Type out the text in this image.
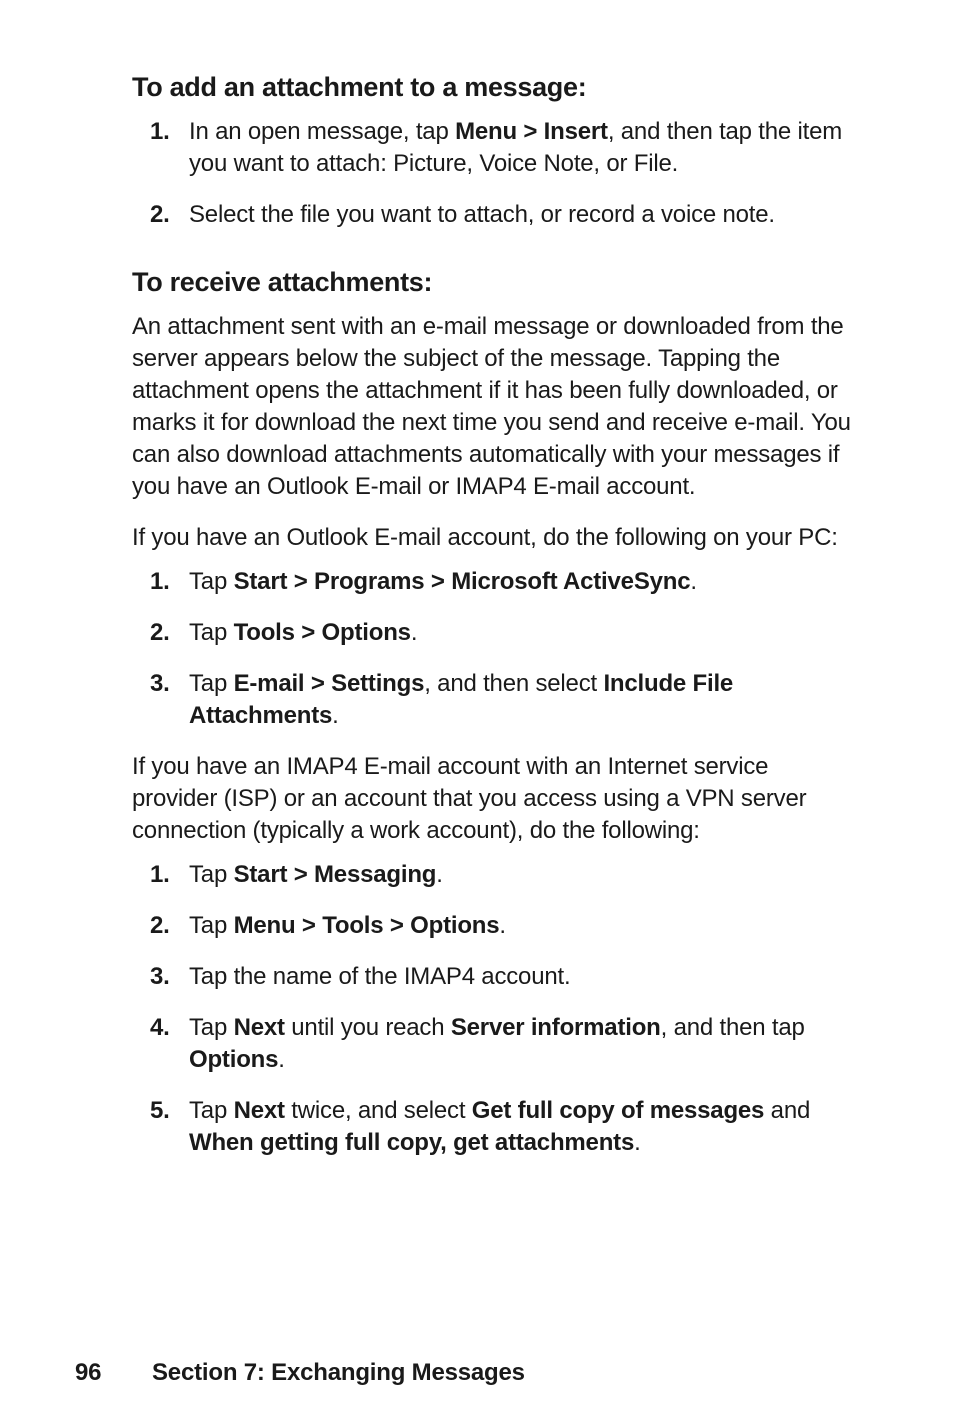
To add an attachment to a message:
1. In an open message, tap Menu > Insert, and then tap the item you want to attach: Picture, Voice Note, or File.
2. Select the file you want to attach, or record a voice note.
To receive attachments:

An attachment sent with an e-mail message or downloaded from the server appears below the subject of the message. Tapping the attachment opens the attachment if it has been fully downloaded, or marks it for download the next time you send and receive e-mail. You can also download attachments automatically with your messages if you have an Outlook E-mail or IMAP4 E-mail account.

If you have an Outlook E-mail account, do the following on your PC:

1. Tap Start > Programs > Microsoft ActiveSync.
2. Tap Tools > Options.
3. Tap E-mail > Settings, and then select Include File Attachments.

If you have an IMAP4 E-mail account with an Internet service provider (ISP) or an account that you access using a VPN server connection (typically a work account), do the following:

1. Tap Start > Messaging.
2. Tap Menu > Tools > Options.
3. Tap the name of the IMAP4 account.
4. Tap Next until you reach Server information, and then tap Options.
5. Tap Next twice, and select Get full copy of messages and When getting full copy, get attachments.
96 Section 7: Exchanging Messages
